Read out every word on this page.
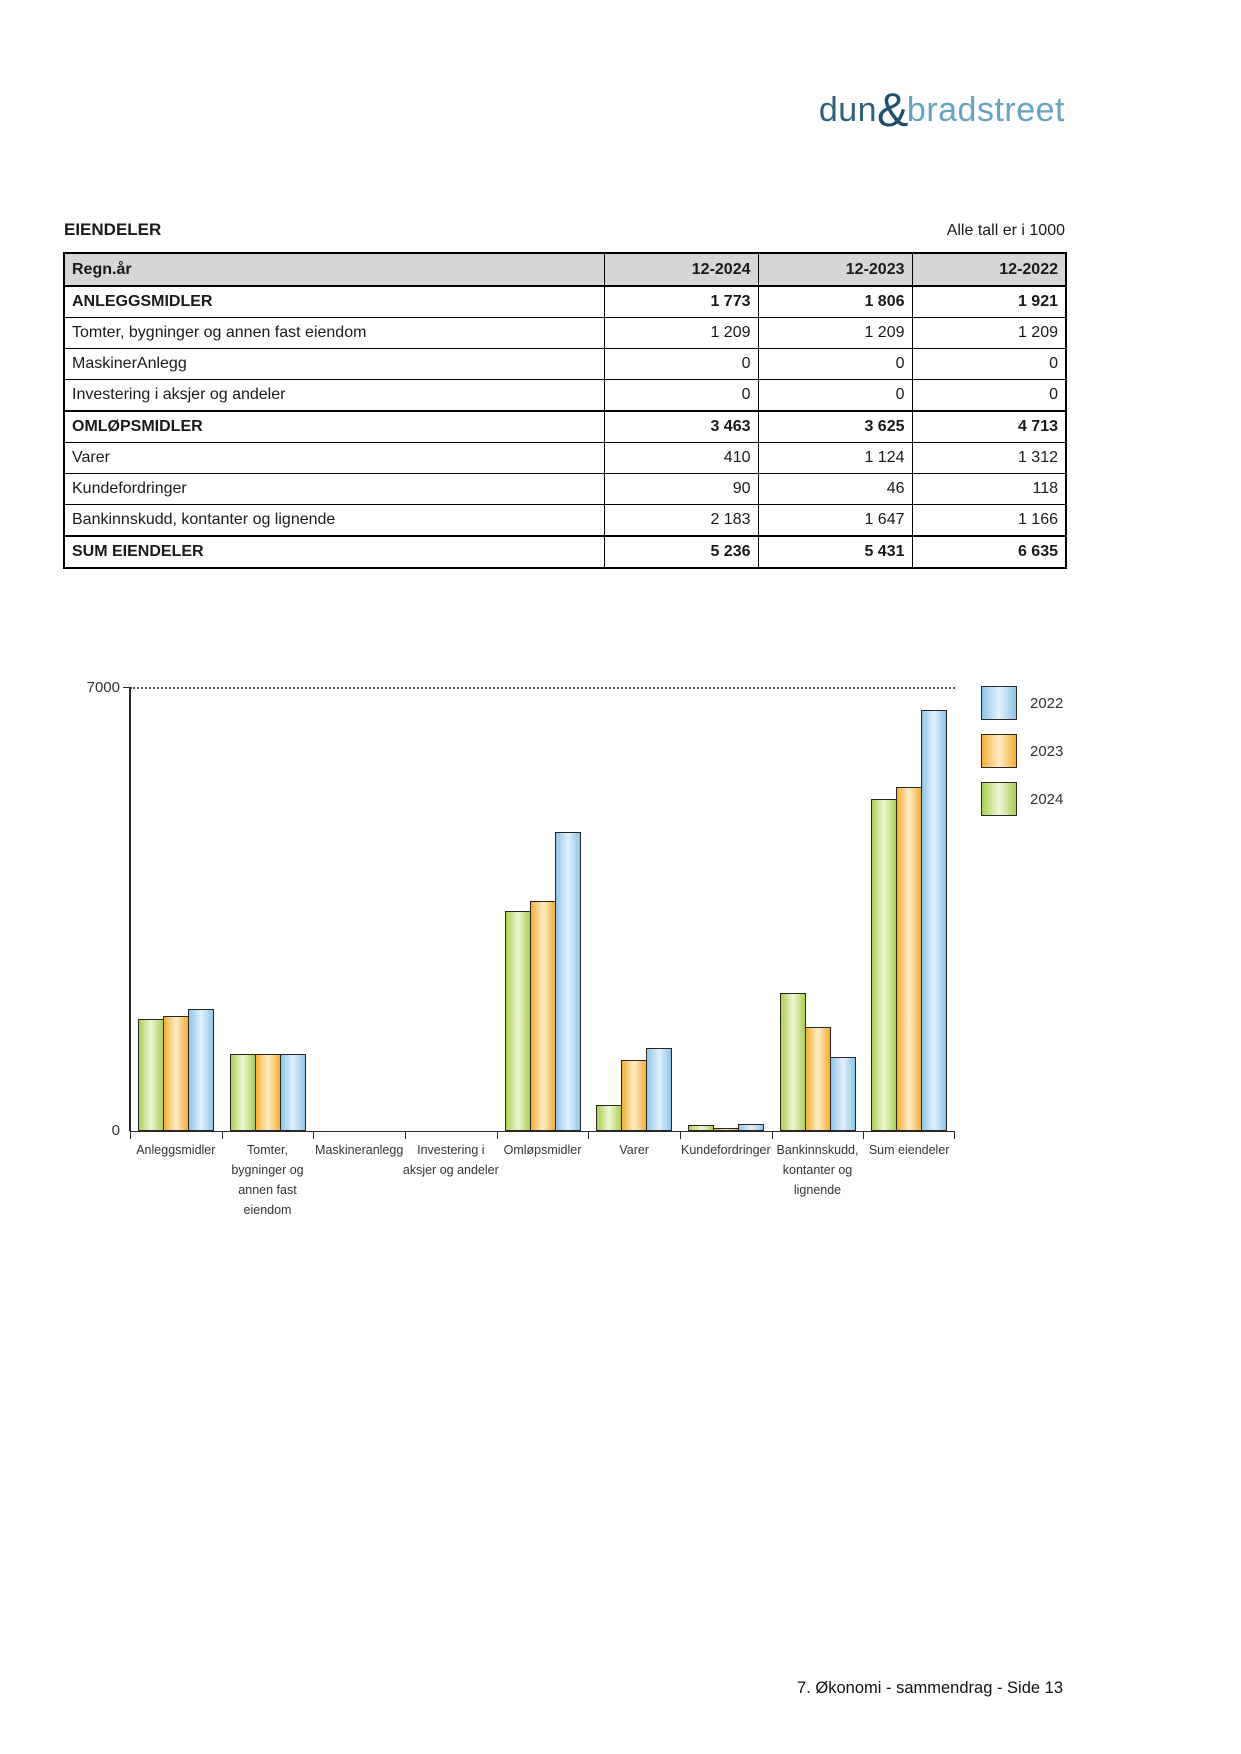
dun&bradstreet
EIENDELER	Alle tall er i 1000
Regn.år	12-2024	12-2023	12-2022
ANLEGGSMIDLER	1 773	1 806	1 921
Tomter, bygninger og annen fast eiendom	1 209	1 209	1 209
MaskinerAnlegg	0	0	0
Investering i aksjer og andeler	0	0	0
OMLØPSMIDLER	3 463	3 625	4 713
Varer	410	1 124	1 312
Kundefordringer	90	46	118
Bankinnskudd, kontanter og lignende	2 183	1 647	1 166
SUM EIENDELER	5 236	5 431	6 635
7000
0
Anleggsmidler	Tomter, bygninger og annen fast eiendom
Maskineranlegg	Investering i aksjer og andeler
Omløpsmidler	Varer	Kundefordringer Bankinnskudd, kontanter og lignende
Sum eiendeler
2022
2023
2024
7. Økonomi - sammendrag - Side 13
